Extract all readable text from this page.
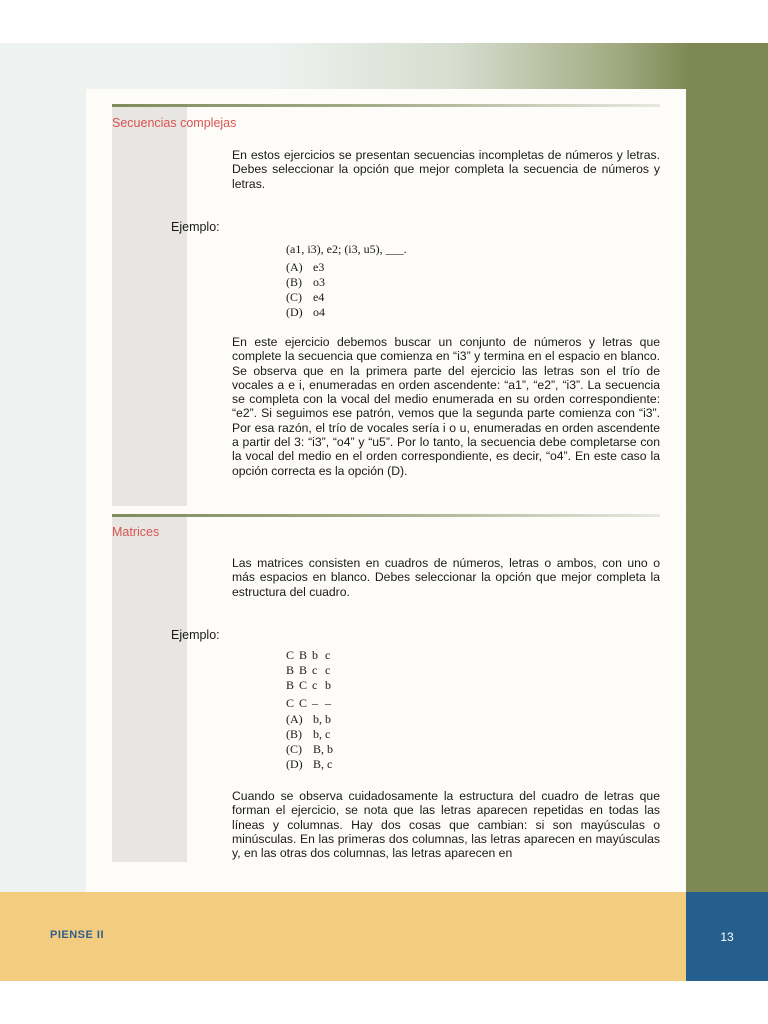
Secuencias complejas

En estos ejercicios se presentan secuencias incompletas de números y letras. Debes seleccionar la opción que mejor completa la secuencia de números y letras.

Ejemplo:
(a1, i3), e2; (i3, u5), ___.
(A) e3
(B) o3
(C) e4
(D) o4

En este ejercicio debemos buscar un conjunto de números y letras que complete la secuencia que comienza en “i3” y termina en el espacio en blanco. Se observa que en la primera parte del ejercicio las letras son el trío de vocales a e i, enumeradas en orden ascendente: “a1”, “e2”, “i3”. La secuencia se completa con la vocal del medio enumerada en su orden correspondiente: “e2”. Si seguimos ese patrón, vemos que la segunda parte comienza con “i3”. Por esa razón, el trío de vocales sería i o u, enumeradas en orden ascendente a partir del 3: “i3”, “o4” y “u5”. Por lo tanto, la secuencia debe completarse con la vocal del medio en el orden correspondiente, es decir, “o4”. En este caso la opción correcta es la opción (D).

Matrices

Las matrices consisten en cuadros de números, letras o ambos, con uno o más espacios en blanco. Debes seleccionar la opción que mejor completa la estructura del cuadro.

Ejemplo:
C B b c
B B c c
B C c b
C C – –
(A) b, b
(B) b, c
(C) B, b
(D) B, c

Cuando se observa cuidadosamente la estructura del cuadro de letras que forman el ejercicio, se nota que las letras aparecen repetidas en todas las líneas y columnas. Hay dos cosas que cambian: si son mayúsculas o minúsculas. En las primeras dos columnas, las letras aparecen en mayúsculas y, en las otras dos columnas, las letras aparecen en

PIENSE II	13
